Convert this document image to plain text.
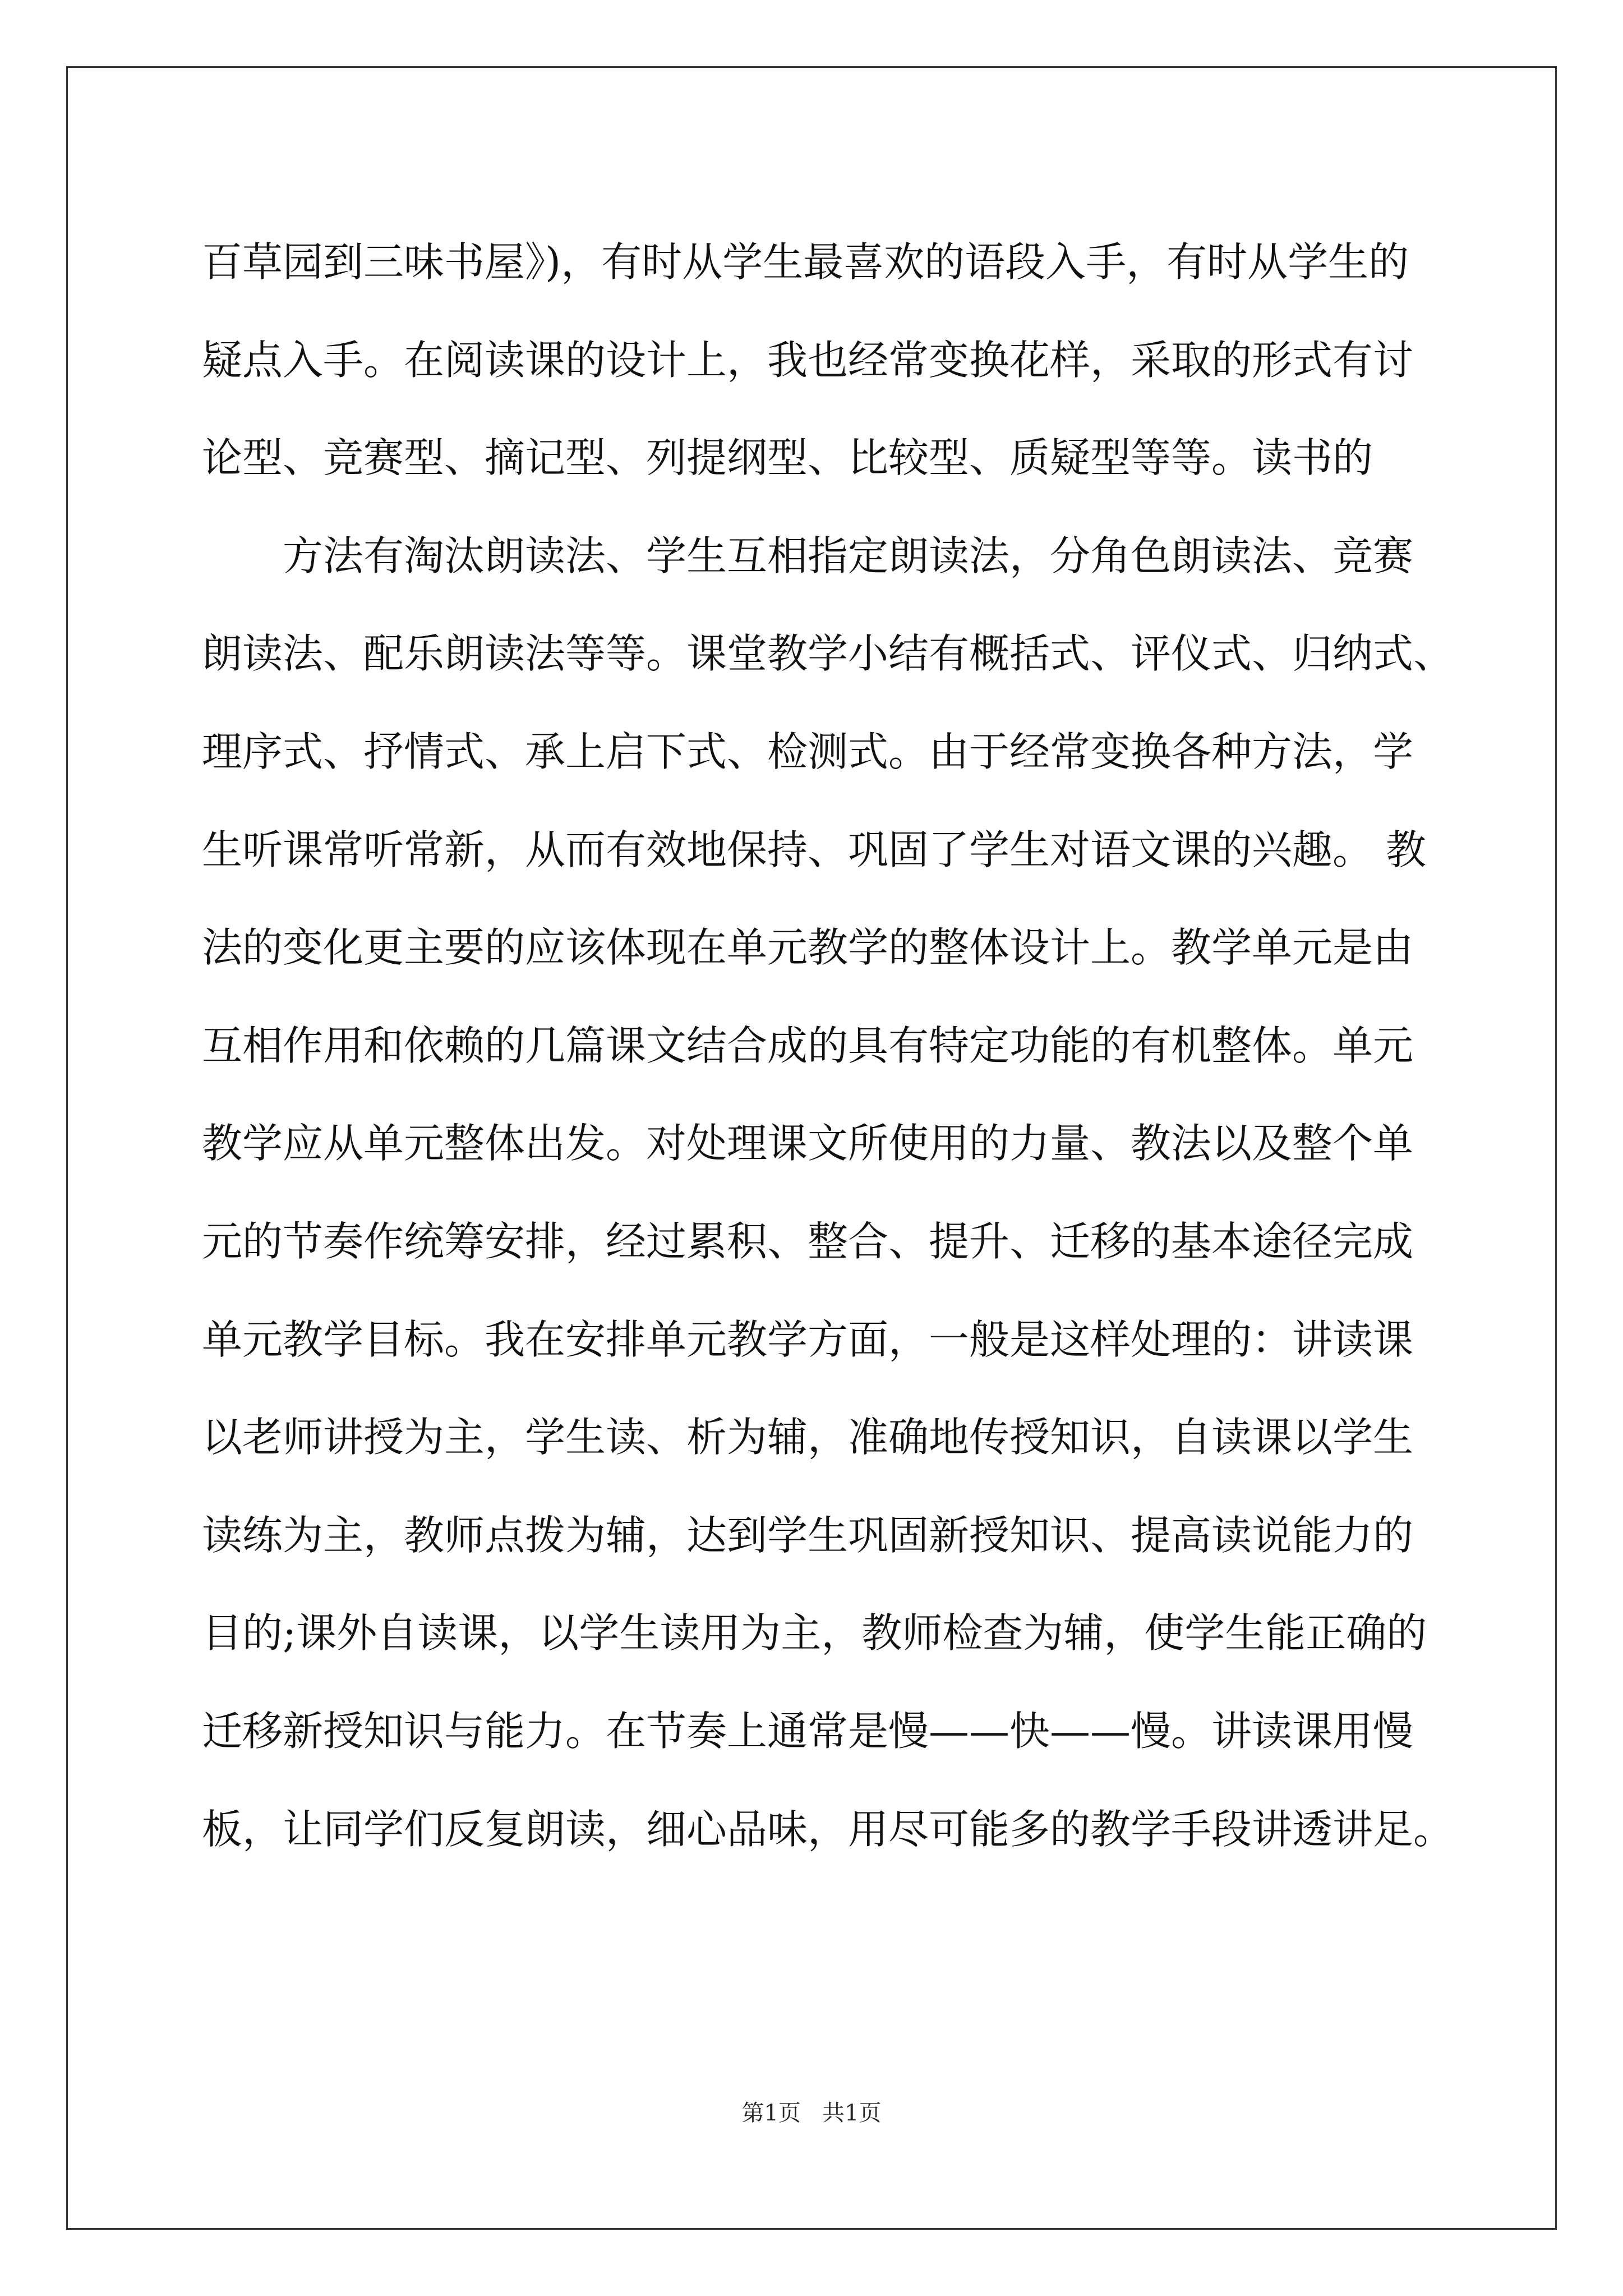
百草园到三味书屋》)，有时从学生最喜欢的语段入手，有时从学生的
疑点入手。在阅读课的设计上，我也经常变换花样，采取的形式有讨
论型、竞赛型、摘记型、列提纲型、比较型、质疑型等等。读书的
方法有淘汰朗读法、学生互相指定朗读法，分角色朗读法、竞赛
朗读法、配乐朗读法等等。课堂教学小结有概括式、评仪式、归纳式、
理序式、抒情式、承上启下式、检测式。由于经常变换各种方法，学
生听课常听常新，从而有效地保持、巩固了学生对语文课的兴趣。 教
法的变化更主要的应该体现在单元教学的整体设计上。教学单元是由
互相作用和依赖的几篇课文结合成的具有特定功能的有机整体。单元
教学应从单元整体出发。对处理课文所使用的力量、教法以及整个单
元的节奏作统筹安排，经过累积、整合、提升、迁移的基本途径完成
单元教学目标。我在安排单元教学方面，一般是这样处理的：讲读课
以老师讲授为主，学生读、析为辅，准确地传授知识，自读课以学生
读练为主，教师点拨为辅，达到学生巩固新授知识、提高读说能力的
目的;课外自读课，以学生读用为主，教师检查为辅，使学生能正确的
迁移新授知识与能力。在节奏上通常是慢——快——慢。讲读课用慢
板，让同学们反复朗读，细心品味，用尽可能多的教学手段讲透讲足。
第1页   共1页
